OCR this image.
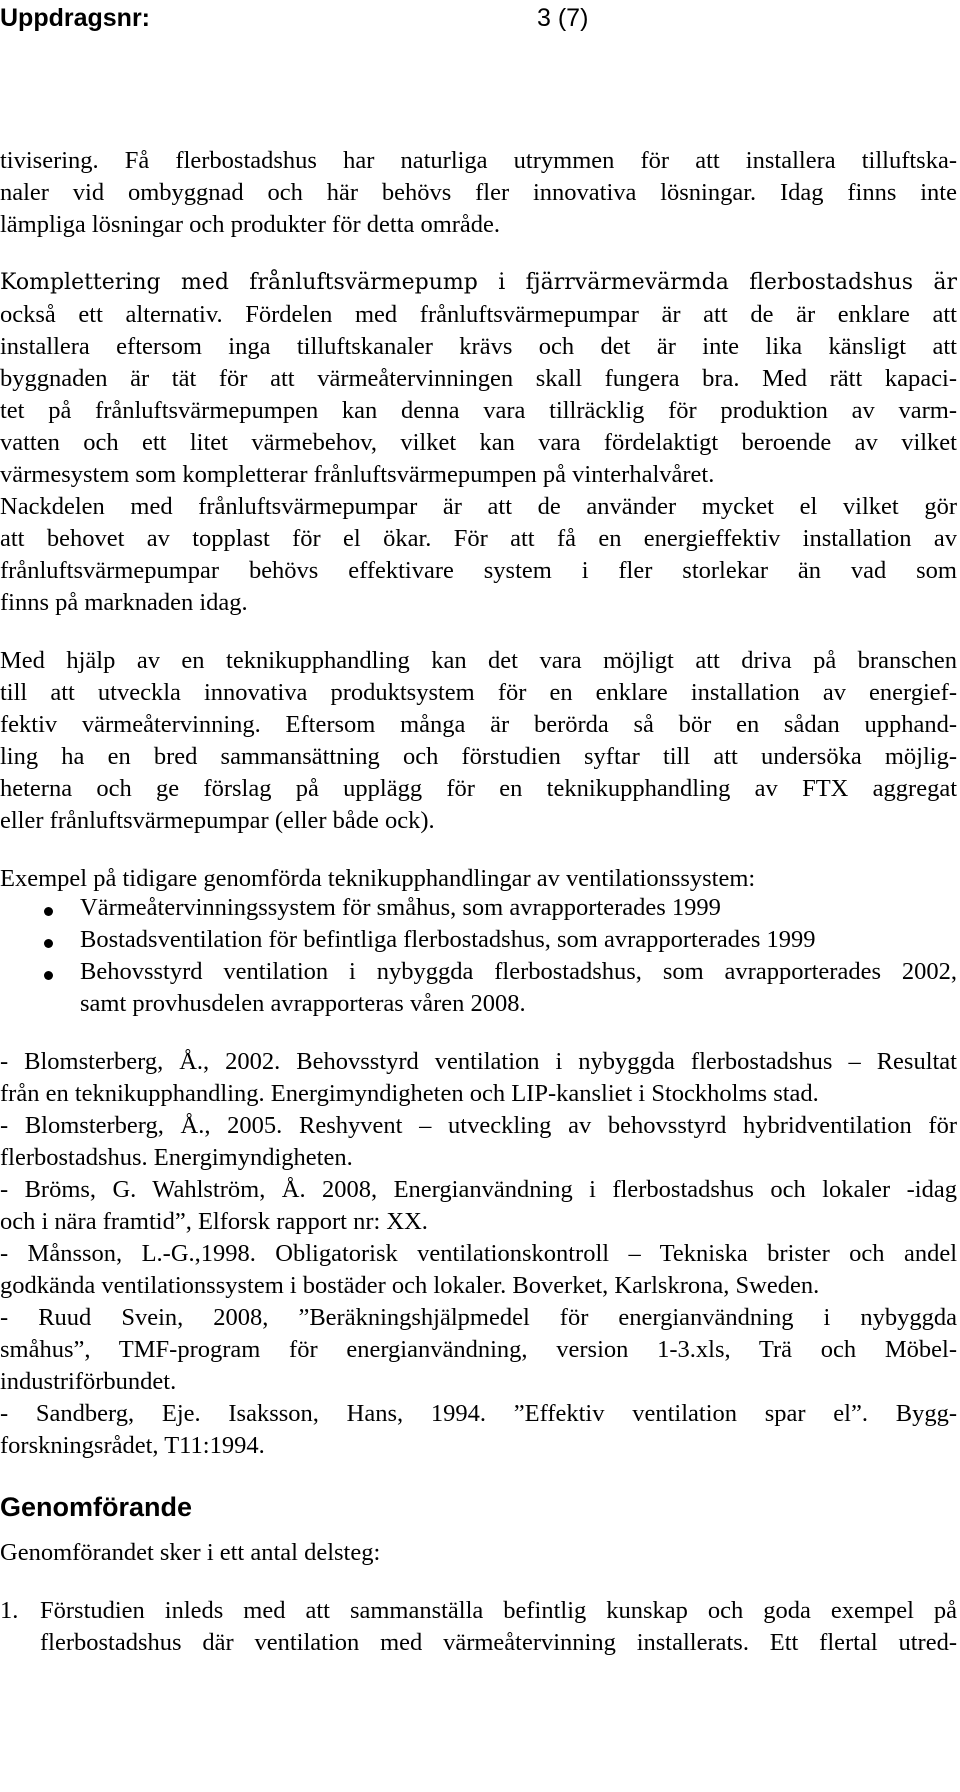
Uppdragsnr:	3 (7)
tivisering. Få flerbostadshus har naturliga utrymmen för att installera tilluftska-
naler vid ombyggnad och här behövs fler innovativa lösningar. Idag finns inte
lämpliga lösningar och produkter för detta område.
Komplettering med frånluftsvärmepump i fjärrvärmevärmda flerbostadshus är
också ett alternativ. Fördelen med frånluftsvärmepumpar är att de är enklare att
installera eftersom inga tilluftskanaler krävs och det är inte lika känsligt att
byggnaden är tät för att värmeåtervinningen skall fungera bra. Med rätt kapaci-
tet på frånluftsvärmepumpen kan denna vara tillräcklig för produktion av varm-
vatten och ett litet värmebehov, vilket kan vara fördelaktigt beroende av vilket
värmesystem som kompletterar frånluftsvärmepumpen på vinterhalvåret.
Nackdelen med frånluftsvärmepumpar är att de använder mycket el vilket gör
att behovet av topplast för el ökar. För att få en energieffektiv installation av
frånluftsvärmepumpar behövs effektivare system i fler storlekar än vad som
finns på marknaden idag.
Med hjälp av en teknikupphandling kan det vara möjligt att driva på branschen
till att utveckla innovativa produktsystem för en enklare installation av energief-
fektiv värmeåtervinning. Eftersom många är berörda så bör en sådan upphand-
ling ha en bred sammansättning och förstudien syftar till att undersöka möjlig-
heterna och ge förslag på upplägg för en teknikupphandling av FTX aggregat
eller frånluftsvärmepumpar (eller både ock).
Exempel på tidigare genomförda teknikupphandlingar av ventilationssystem:
Värmeåtervinningssystem för småhus, som avrapporterades 1999
Bostadsventilation för befintliga flerbostadshus, som avrapporterades 1999
Behovsstyrd ventilation i nybyggda flerbostadshus, som avrapporterades 2002,
samt provhusdelen avrapporteras våren 2008.
- Blomsterberg, Å., 2002. Behovsstyrd ventilation i nybyggda flerbostadshus – Resultat
från en teknikupphandling. Energimyndigheten och LIP-kansliet i Stockholms stad.
- Blomsterberg, Å., 2005. Reshyvent – utveckling av behovsstyrd hybridventilation för
flerbostadshus. Energimyndigheten.
- Bröms, G. Wahlström, Å. 2008, Energianvändning i flerbostadshus och lokaler -idag
och i nära framtid”, Elforsk rapport nr: XX.
- Månsson, L.-G.,1998. Obligatorisk ventilationskontroll – Tekniska brister och andel
godkända ventilationssystem i bostäder och lokaler. Boverket, Karlskrona, Sweden.
- Ruud Svein, 2008, ”Beräkningshjälpmedel för energianvändning i nybyggda
småhus”, TMF-program för energianvändning, version 1-3.xls, Trä och Möbel-
industriförbundet.
- Sandberg, Eje. Isaksson, Hans, 1994. ”Effektiv ventilation spar el”. Bygg-
forskningsrådet, T11:1994.
Genomförande
Genomförandet sker i ett antal delsteg:
1. Förstudien inleds med att sammanställa befintlig kunskap och goda exempel på
flerbostadshus där ventilation med värmeåtervinning installerats. Ett flertal utred-
